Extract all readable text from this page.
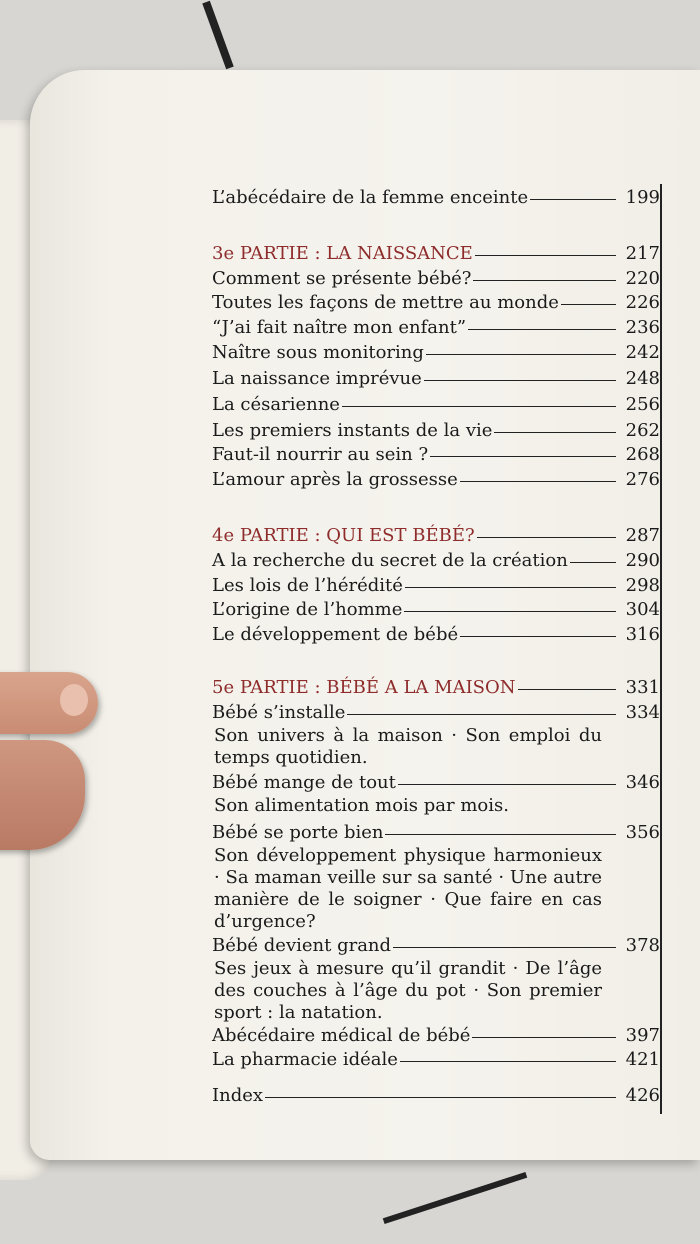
L’abécédaire de la femme enceinte	199
3e PARTIE : LA NAISSANCE	217
Comment se présente bébé?	220
Toutes les façons de mettre au monde	226
“J’ai fait naître mon enfant”	236
Naître sous monitoring	242
La naissance imprévue	248
La césarienne	256
Les premiers instants de la vie	262
Faut-il nourrir au sein ?	268
L’amour après la grossesse	276
4e PARTIE : QUI EST BÉBÉ?	287
A la recherche du secret de la création	290
Les lois de l’hérédité	298
L’origine de l’homme	304
Le développement de bébé	316
5e PARTIE : BÉBÉ A LA MAISON	331
Bébé s’installe	334
Son univers à la maison · Son emploi du temps quotidien.
Bébé mange de tout	346
Son alimentation mois par mois.
Bébé se porte bien	356
Son développement physique harmonieux · Sa maman veille sur sa santé · Une autre manière de le soigner · Que faire en cas d’urgence?
Bébé devient grand	378
Ses jeux à mesure qu’il grandit · De l’âge des couches à l’âge du pot · Son premier sport : la natation.
Abécédaire médical de bébé	397
La pharmacie idéale	421
Index	426
